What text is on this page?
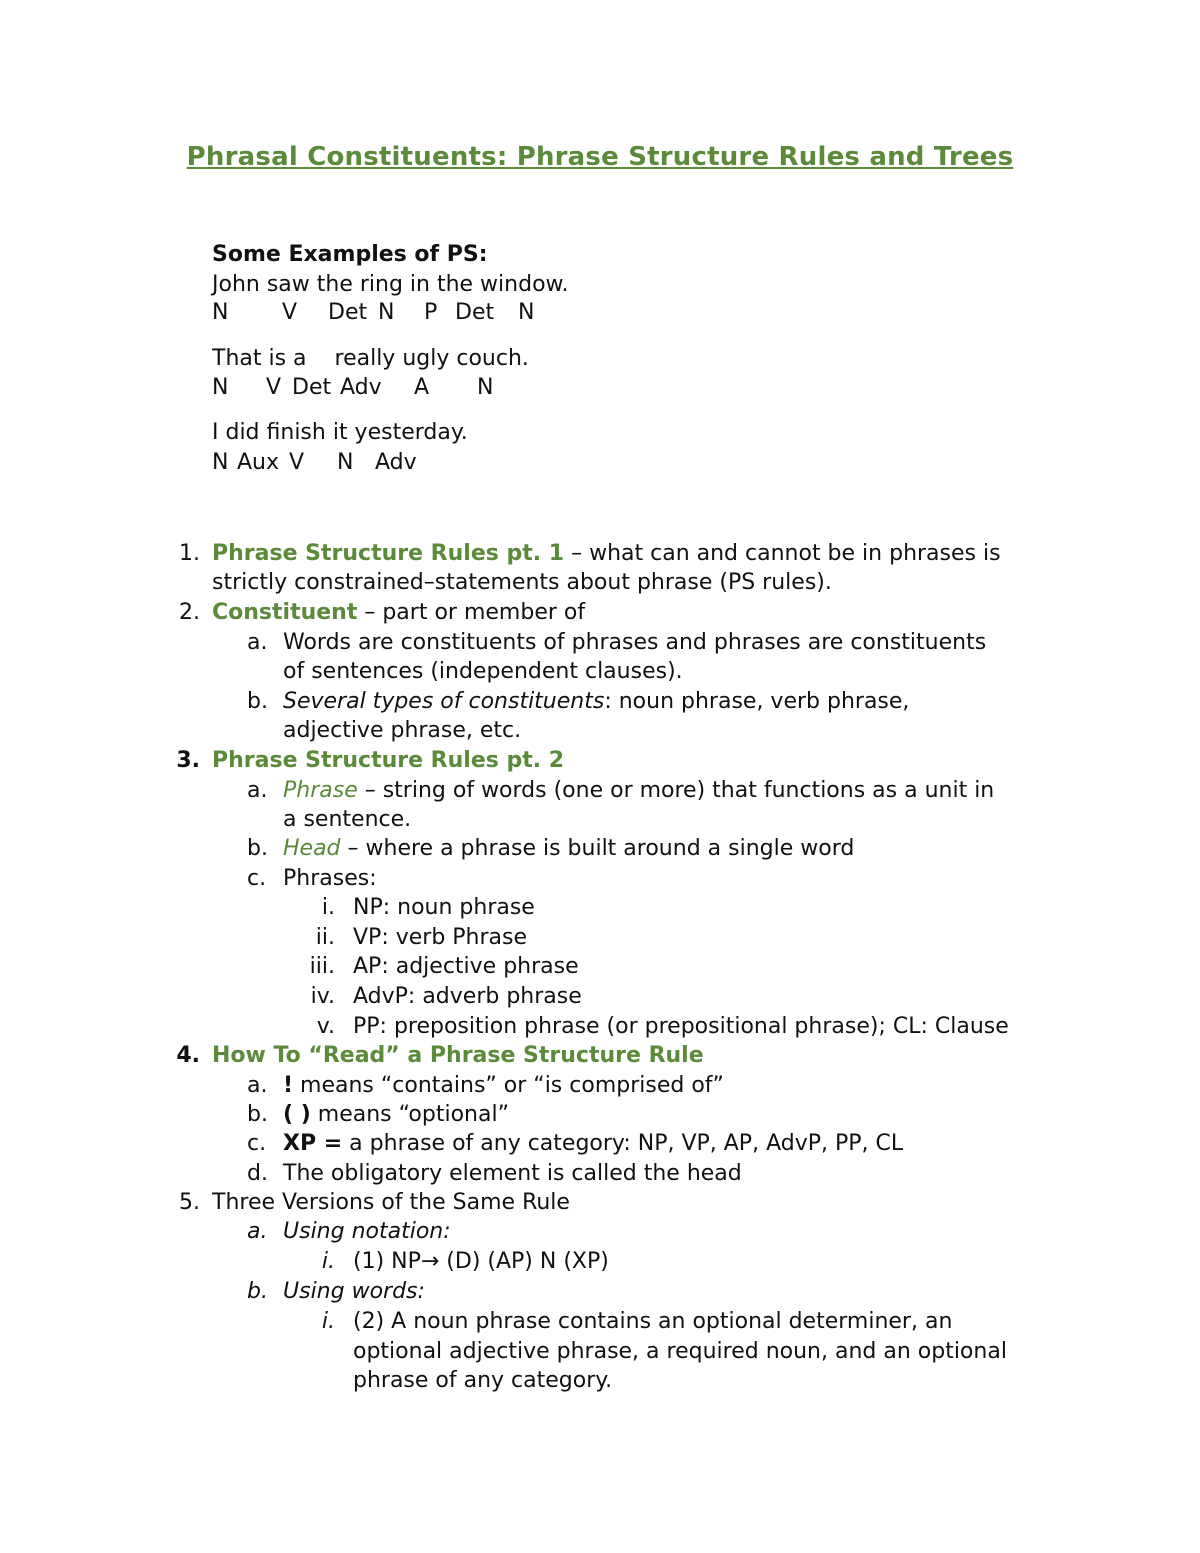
Phrasal Constituents: Phrase Structure Rules and Trees
Some Examples of PS:
John saw the ring in the window.
N V Det N P Det N
That is a    really ugly couch.
N V Det Adv A N
I did finish it yesterday.
N Aux V N Adv
1. Phrase Structure Rules pt. 1 – what can and cannot be in phrases is
strictly constrained–statements about phrase (PS rules).
2. Constituent – part or member of
a. Words are constituents of phrases and phrases are constituents
of sentences (independent clauses).
b. Several types of constituents: noun phrase, verb phrase,
adjective phrase, etc.
3. Phrase Structure Rules pt. 2
a. Phrase – string of words (one or more) that functions as a unit in
a sentence.
b. Head – where a phrase is built around a single word
c. Phrases:
i. NP: noun phrase
ii. VP: verb Phrase
iii. AP: adjective phrase
iv. AdvP: adverb phrase
v. PP: preposition phrase (or prepositional phrase); CL: Clause
4. How To “Read” a Phrase Structure Rule
a. ! means “contains” or “is comprised of”
b. ( ) means “optional”
c. XP = a phrase of any category: NP, VP, AP, AdvP, PP, CL
d. The obligatory element is called the head
5. Three Versions of the Same Rule
a. Using notation:
i. (1) NP→ (D) (AP) N (XP)
b. Using words:
i. (2) A noun phrase contains an optional determiner, an
optional adjective phrase, a required noun, and an optional
phrase of any category.
